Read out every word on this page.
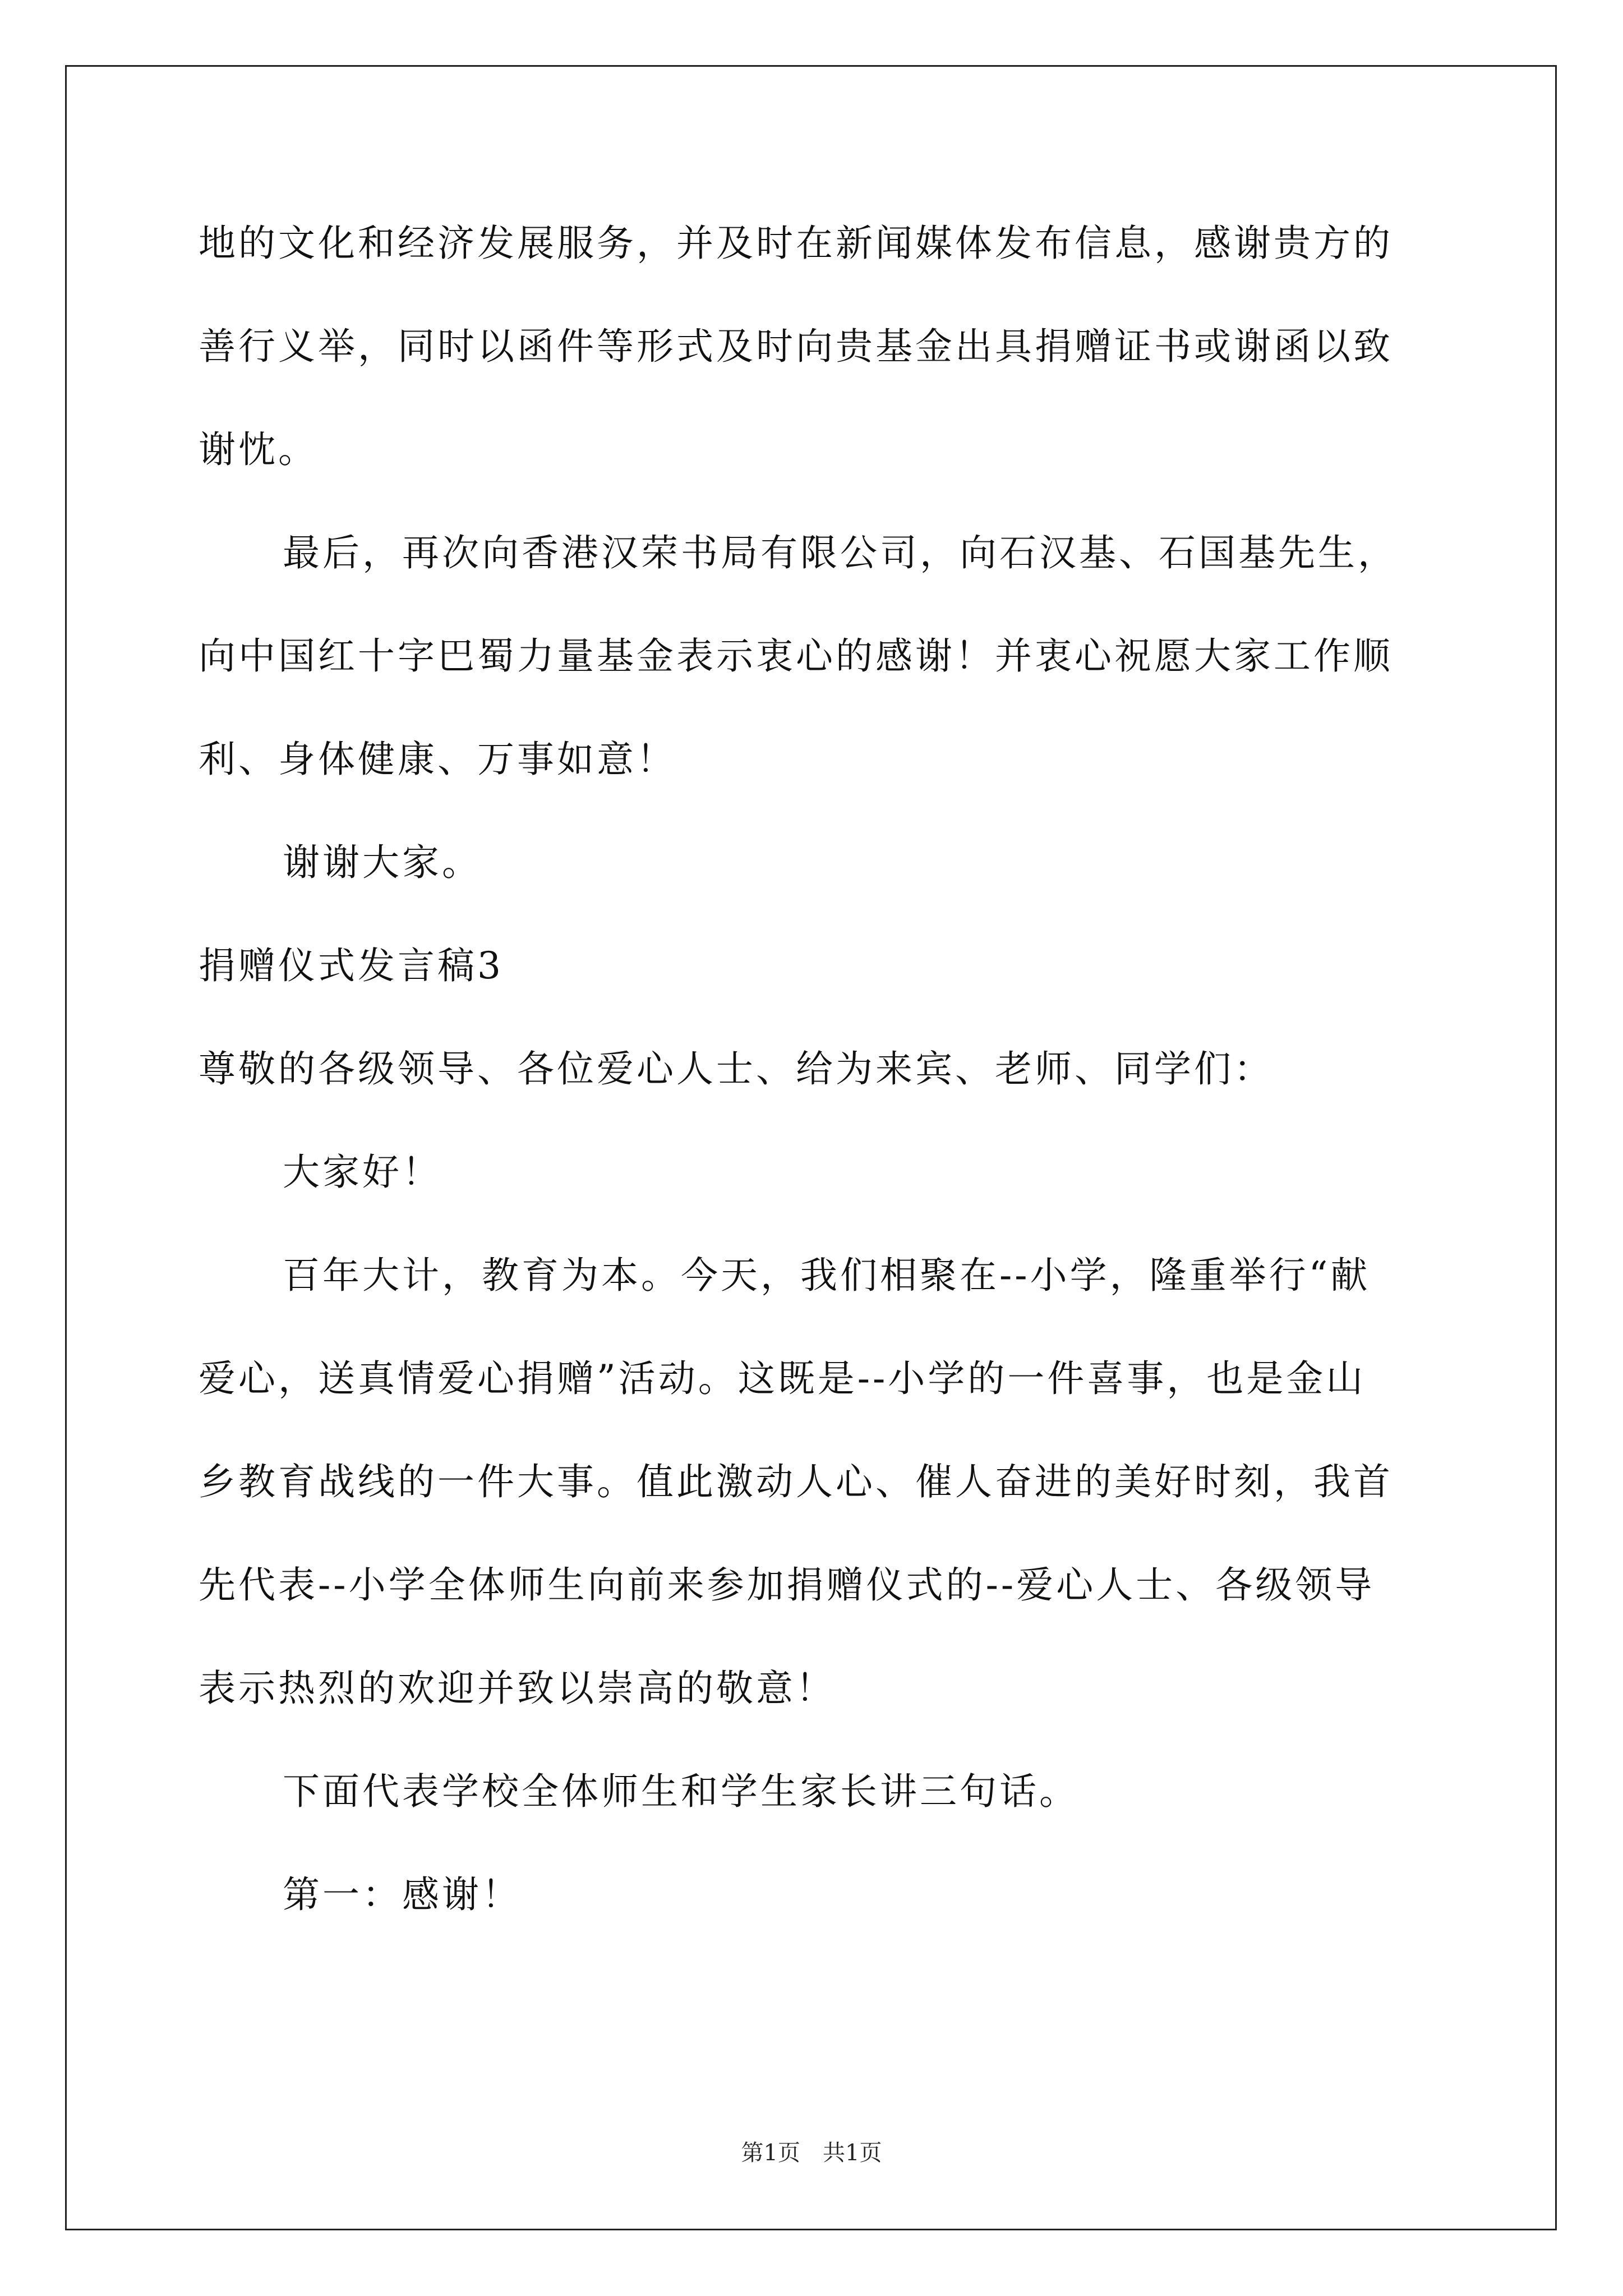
地的文化和经济发展服务，并及时在新闻媒体发布信息，感谢贵方的
善行义举，同时以函件等形式及时向贵基金出具捐赠证书或谢函以致
谢忱。
最后，再次向香港汉荣书局有限公司，向石汉基、石国基先生，
向中国红十字巴蜀力量基金表示衷心的感谢！并衷心祝愿大家工作顺
利、身体健康、万事如意！
谢谢大家。
捐赠仪式发言稿3
尊敬的各级领导、各位爱心人士、给为来宾、老师、同学们：
大家好！
百年大计，教育为本。今天，我们相聚在--小学，隆重举行“献
爱心，送真情爱心捐赠”活动。这既是--小学的一件喜事，也是金山
乡教育战线的一件大事。值此激动人心、催人奋进的美好时刻，我首
先代表--小学全体师生向前来参加捐赠仪式的--爱心人士、各级领导
表示热烈的欢迎并致以崇高的敬意！
下面代表学校全体师生和学生家长讲三句话。
第一：感谢！
第1页　共1页
